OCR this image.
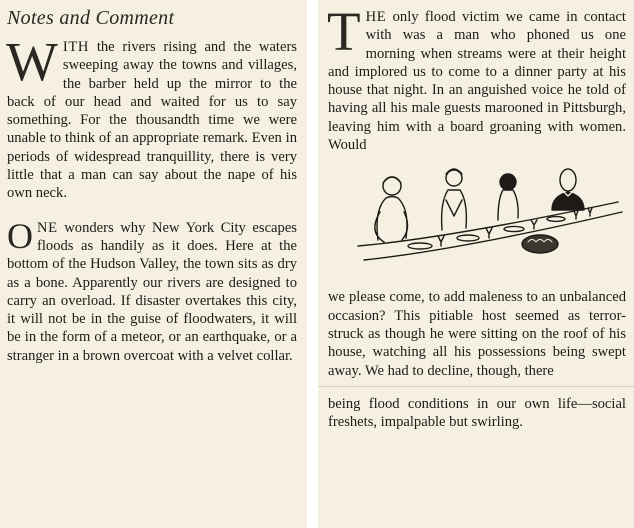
Notes and Comment

WITH the rivers rising and the waters sweeping away the towns and villages, the barber held up the mirror to the back of our head and waited for us to say something. For the thousandth time we were unable to think of an appropriate remark. Even in periods of widespread tranquillity, there is very little that a man can say about the nape of his own neck.

ONE wonders why New York City escapes floods as handily as it does. Here at the bottom of the Hudson Valley, the town sits as dry as a bone. Apparently our rivers are designed to carry an overload. If disaster overtakes this city, it will not be in the guise of floodwaters, it will be in the form of a meteor, or an earthquake, or a stranger in a brown overcoat with a velvet collar.

THE only flood victim we came in contact with was a man who phoned us one morning when streams were at their height and implored us to come to a dinner party at his house that night. In an anguished voice he told of having all his male guests marooned in Pittsburgh, leaving him with a board groaning with women. Would

we please come, to add maleness to an unbalanced occasion? This pitiable host seemed as terror-struck as though he were sitting on the roof of his house, watching all his possessions being swept away. We had to decline, though, there

being flood conditions in our own life—social freshets, impalpable but swirling.
